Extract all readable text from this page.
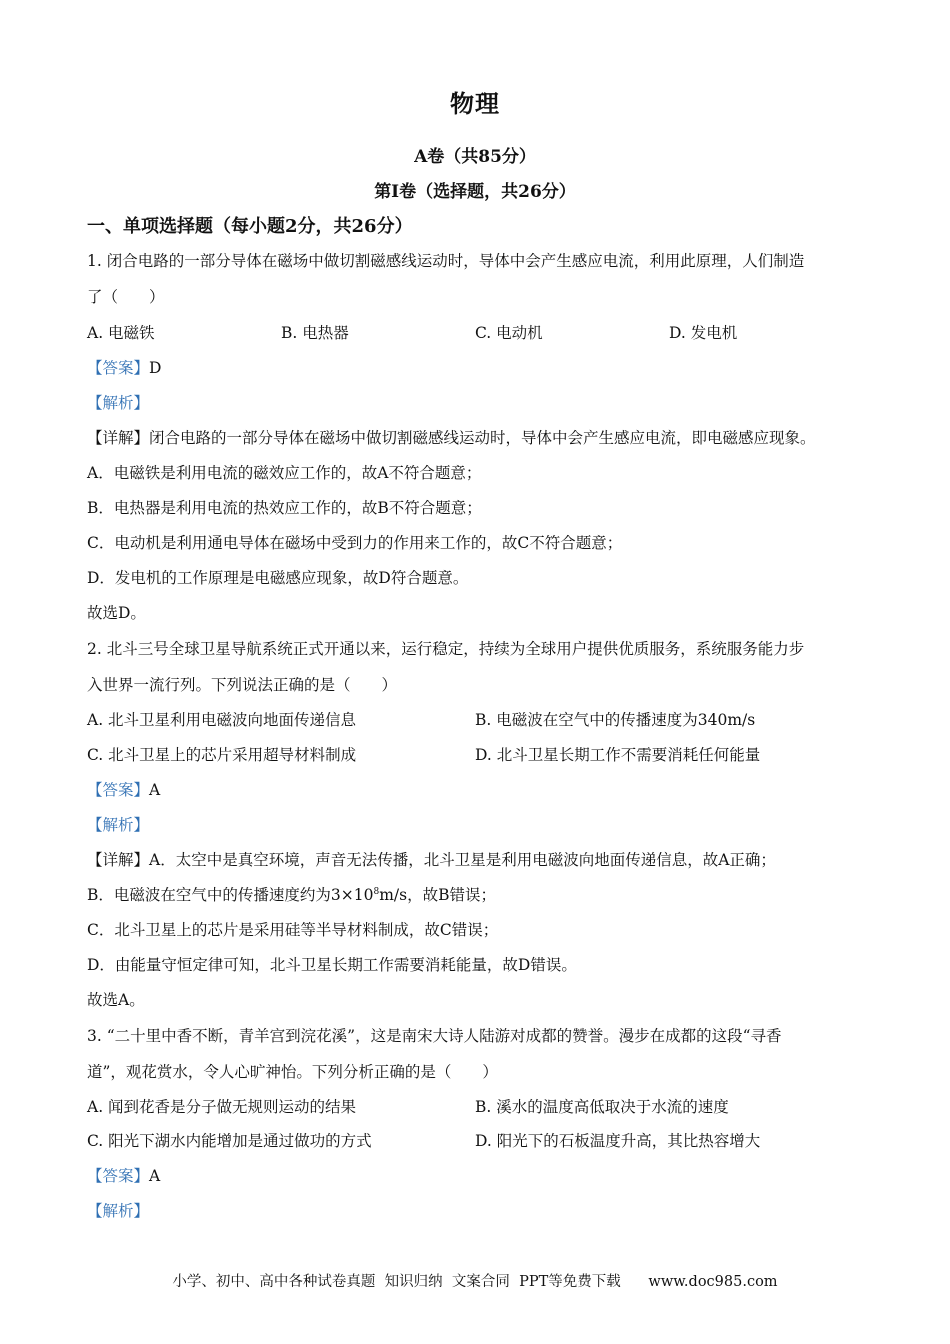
物理
A卷（共85分）
第Ⅰ卷（选择题，共26分）
一、单项选择题（每小题2分，共26分）
1. 闭合电路的一部分导体在磁场中做切割磁感线运动时，导体中会产生感应电流，利用此原理，人们制造
了（　　）
A. 电磁铁	B. 电热器	C. 电动机	D. 发电机
【答案】D
【解析】
【详解】闭合电路的一部分导体在磁场中做切割磁感线运动时，导体中会产生感应电流，即电磁感应现象。
A．电磁铁是利用电流的磁效应工作的，故A不符合题意；
B．电热器是利用电流的热效应工作的，故B不符合题意；
C．电动机是利用通电导体在磁场中受到力的作用来工作的，故C不符合题意；
D．发电机的工作原理是电磁感应现象，故D符合题意。
故选D。
2. 北斗三号全球卫星导航系统正式开通以来，运行稳定，持续为全球用户提供优质服务，系统服务能力步
入世界一流行列。下列说法正确的是（　　）
A. 北斗卫星利用电磁波向地面传递信息	B. 电磁波在空气中的传播速度为340m/s
C. 北斗卫星上的芯片采用超导材料制成	D. 北斗卫星长期工作不需要消耗任何能量
【答案】A
【解析】
【详解】A．太空中是真空环境，声音无法传播，北斗卫星是利用电磁波向地面传递信息，故A正确；
B．电磁波在空气中的传播速度约为$3\times 10^8m/s$，故B错误；
C．北斗卫星上的芯片是采用硅等半导材料制成，故C错误；
D．由能量守恒定律可知，北斗卫星长期工作需要消耗能量，故D错误。
故选A。
3. “二十里中香不断，青羊宫到浣花溪”，这是南宋大诗人陆游对成都的赞誉。漫步在成都的这段“寻香
道”，观花赏水，令人心旷神怡。下列分析正确的是（　　）
A. 闻到花香是分子做无规则运动的结果	B. 溪水的温度高低取决于水流的速度
C. 阳光下湖水内能增加是通过做功的方式	D. 阳光下的石板温度升高，其比热容增大
【答案】A
【解析】
小学、初中、高中各种试卷真题  知识归纳  文案合同  PPT等免费下载      www.doc985.com
